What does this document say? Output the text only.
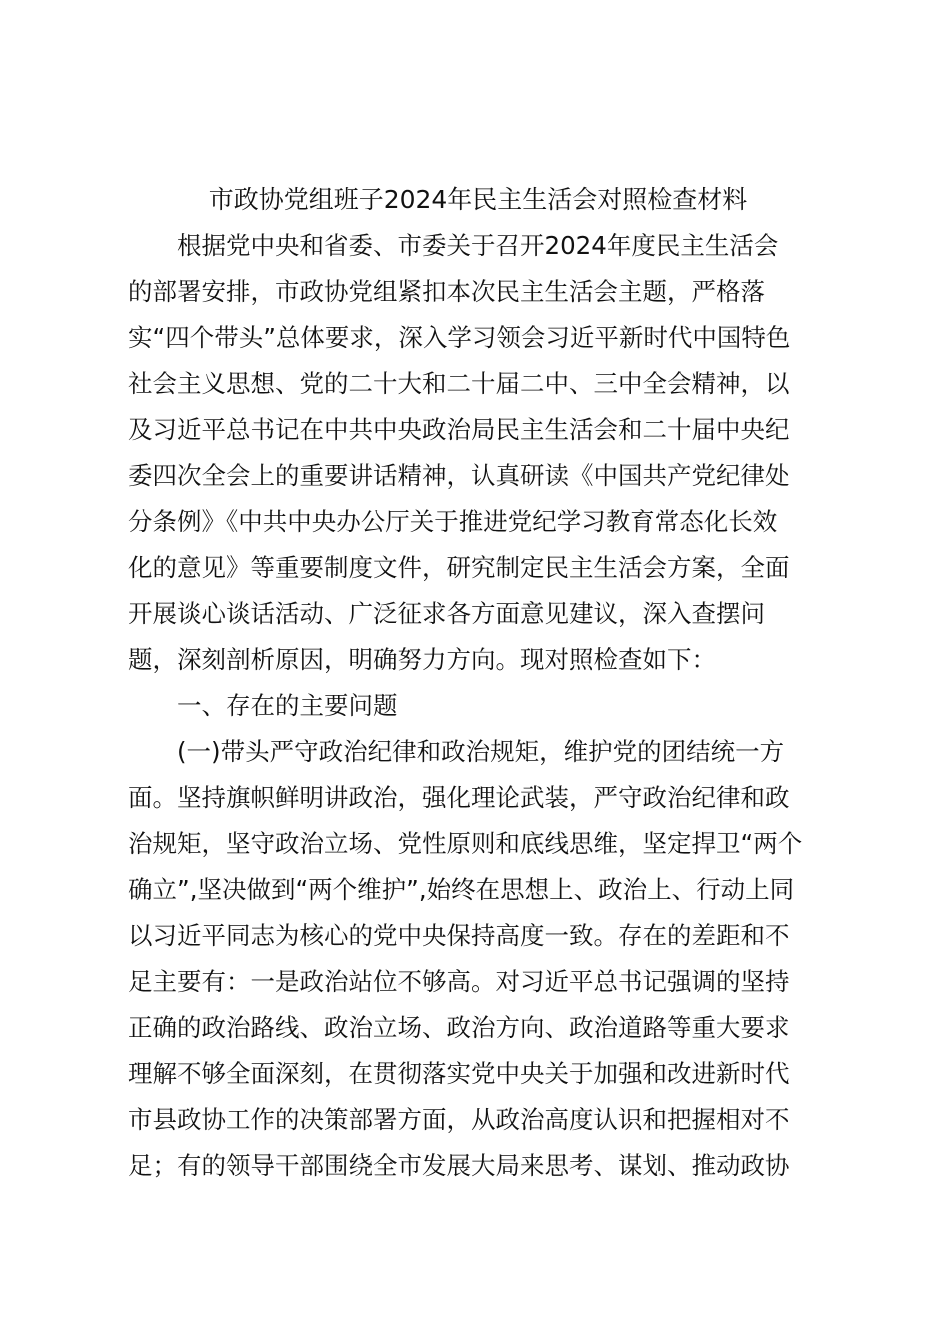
市政协党组班子2024年民主生活会对照检查材料
根据党中央和省委、市委关于召开2024年度民主生活会
的部署安排，市政协党组紧扣本次民主生活会主题，严格落
实“四个带头”总体要求，深入学习领会习近平新时代中国特色
社会主义思想、党的二十大和二十届二中、三中全会精神，以
及习近平总书记在中共中央政治局民主生活会和二十届中央纪
委四次全会上的重要讲话精神，认真研读《中国共产党纪律处
分条例》《中共中央办公厅关于推进党纪学习教育常态化长效
化的意见》等重要制度文件，研究制定民主生活会方案，全面
开展谈心谈话活动、广泛征求各方面意见建议，深入查摆问
题，深刻剖析原因，明确努力方向。现对照检查如下：
一、存在的主要问题
(一)带头严守政治纪律和政治规矩，维护党的团结统一方
面。坚持旗帜鲜明讲政治，强化理论武装，严守政治纪律和政
治规矩，坚守政治立场、党性原则和底线思维，坚定捍卫“两个
确立”,坚决做到“两个维护”,始终在思想上、政治上、行动上同
以习近平同志为核心的党中央保持高度一致。存在的差距和不
足主要有：一是政治站位不够高。对习近平总书记强调的坚持
正确的政治路线、政治立场、政治方向、政治道路等重大要求
理解不够全面深刻，在贯彻落实党中央关于加强和改进新时代
市县政协工作的决策部署方面，从政治高度认识和把握相对不
足；有的领导干部围绕全市发展大局来思考、谋划、推动政协
